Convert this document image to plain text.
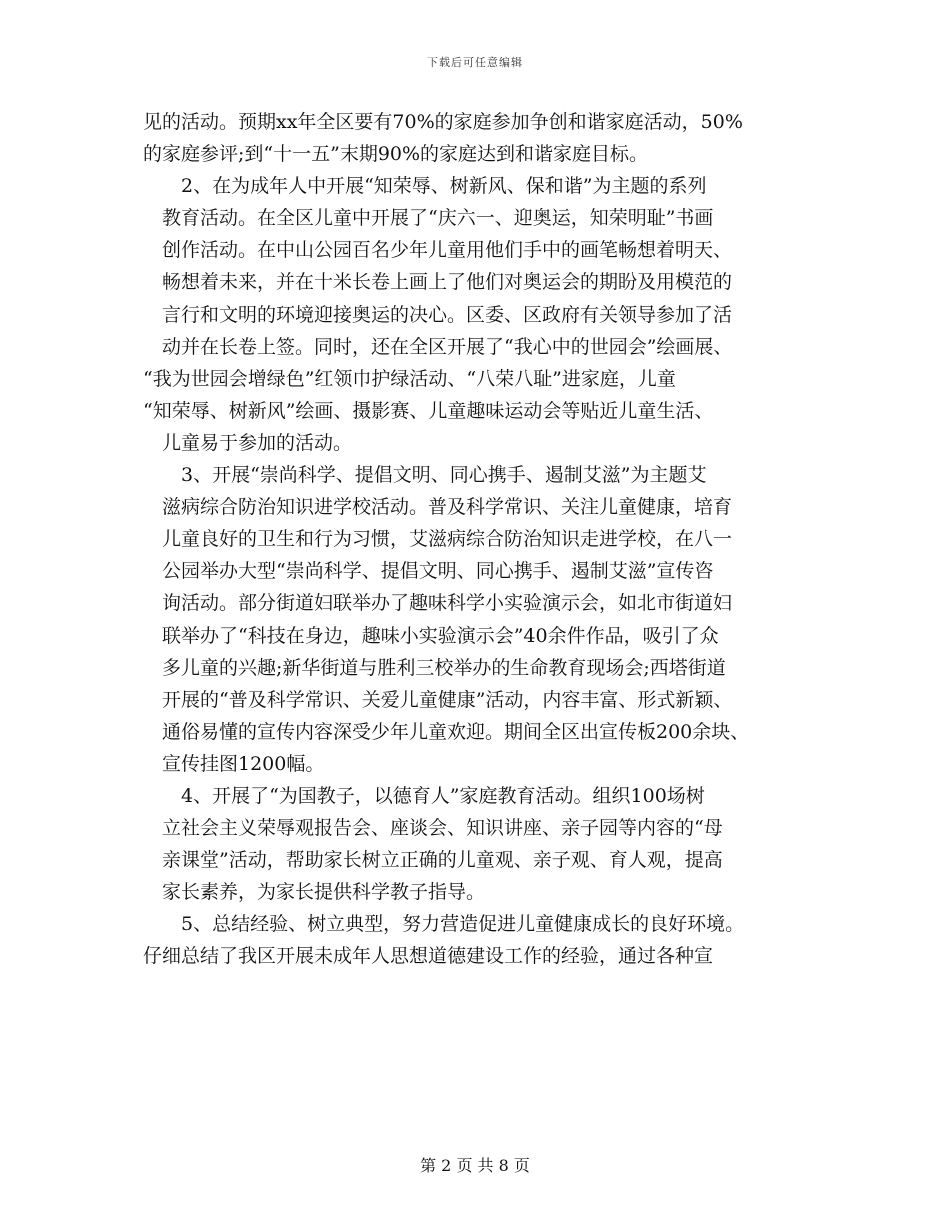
下载后可任意编辑
见的活动。预期xx年全区要有70%的家庭参加争创和谐家庭活动，50%
的家庭参评;到“十一五”末期90%的家庭达到和谐家庭目标。
　　2、在为成年人中开展“知荣辱、树新风、保和谐”为主题的系列
　教育活动。在全区儿童中开展了“庆六一、迎奥运，知荣明耻”书画
　创作活动。在中山公园百名少年儿童用他们手中的画笔畅想着明天、
　畅想着未来，并在十米长卷上画上了他们对奥运会的期盼及用模范的
　言行和文明的环境迎接奥运的决心。区委、区政府有关领导参加了活
　动并在长卷上签。同时，还在全区开展了“我心中的世园会”绘画展、
“我为世园会增绿色”红领巾护绿活动、“八荣八耻”进家庭，儿童
“知荣辱、树新风”绘画、摄影赛、儿童趣味运动会等贴近儿童生活、
　儿童易于参加的活动。
　　3、开展“崇尚科学、提倡文明、同心携手、遏制艾滋”为主题艾
　滋病综合防治知识进学校活动。普及科学常识、关注儿童健康，培育
　儿童良好的卫生和行为习惯，艾滋病综合防治知识走进学校，在八一
　公园举办大型“崇尚科学、提倡文明、同心携手、遏制艾滋”宣传咨
　询活动。部分街道妇联举办了趣味科学小实验演示会，如北市街道妇
　联举办了“科技在身边，趣味小实验演示会”40余件作品，吸引了众
　多儿童的兴趣;新华街道与胜利三校举办的生命教育现场会;西塔街道
　开展的“普及科学常识、关爱儿童健康”活动，内容丰富、形式新颖、
　通俗易懂的宣传内容深受少年儿童欢迎。期间全区出宣传板200余块、
　宣传挂图1200幅。
　　4、开展了“为国教子，以德育人”家庭教育活动。组织100场树
　立社会主义荣辱观报告会、座谈会、知识讲座、亲子园等内容的“母
　亲课堂”活动，帮助家长树立正确的儿童观、亲子观、育人观，提高
　家长素养，为家长提供科学教子指导。
　　5、总结经验、树立典型，努力营造促进儿童健康成长的良好环境。
仔细总结了我区开展未成年人思想道德建设工作的经验，通过各种宣
第 2 页 共 8 页
